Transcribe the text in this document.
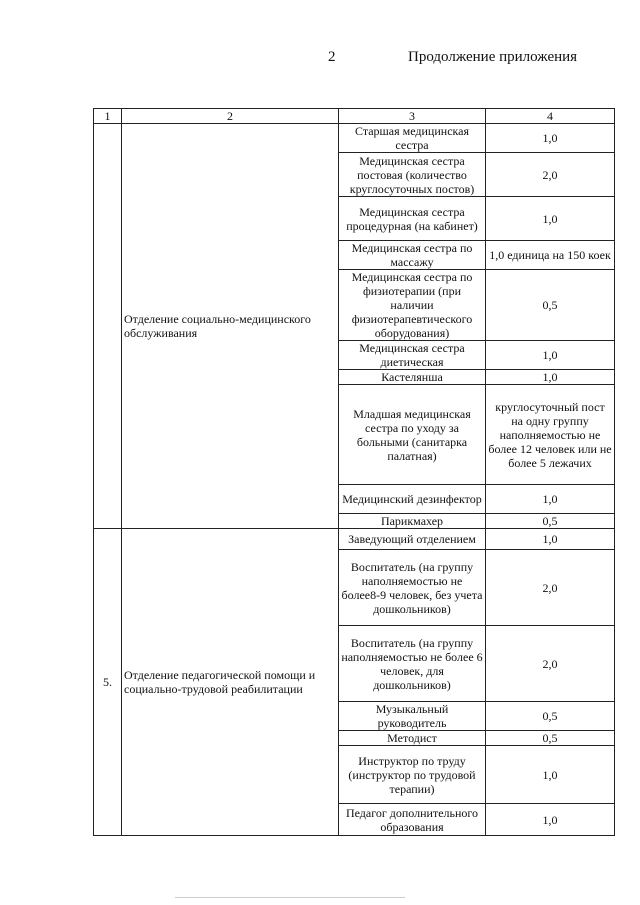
2	Продолжение приложения
1	2	3	4
	Отделение социально-медицинского обслуживания	Старшая медицинская сестра	1,0
		Медицинская сестра постовая (количество круглосуточных постов)	2,0
		Медицинская сестра процедурная (на кабинет)	1,0
		Медицинская сестра по массажу	1,0 единица на 150 коек
		Медицинская сестра по физиотерапии (при наличии физиотерапевтического оборудования)	0,5
		Медицинская сестра диетическая	1,0
		Кастелянша	1,0
		Младшая медицинская сестра по уходу за больными (санитарка палатная)	круглосуточный пост на одну группу наполняемостью не более 12 человек или не более 5 лежачих
		Медицинский дезинфектор	1,0
		Парикмахер	0,5
5.	Отделение педагогической помощи и социально-трудовой реабилитации	Заведующий отделением	1,0
		Воспитатель (на группу наполняемостью не более8-9 человек, без учета дошкольников)	2,0
		Воспитатель (на группу наполняемостью не более 6 человек, для дошкольников)	2,0
		Музыкальный руководитель	0,5
		Методист	0,5
		Инструктор по труду (инструктор по трудовой терапии)	1,0
		Педагог дополнительного образования	1,0
